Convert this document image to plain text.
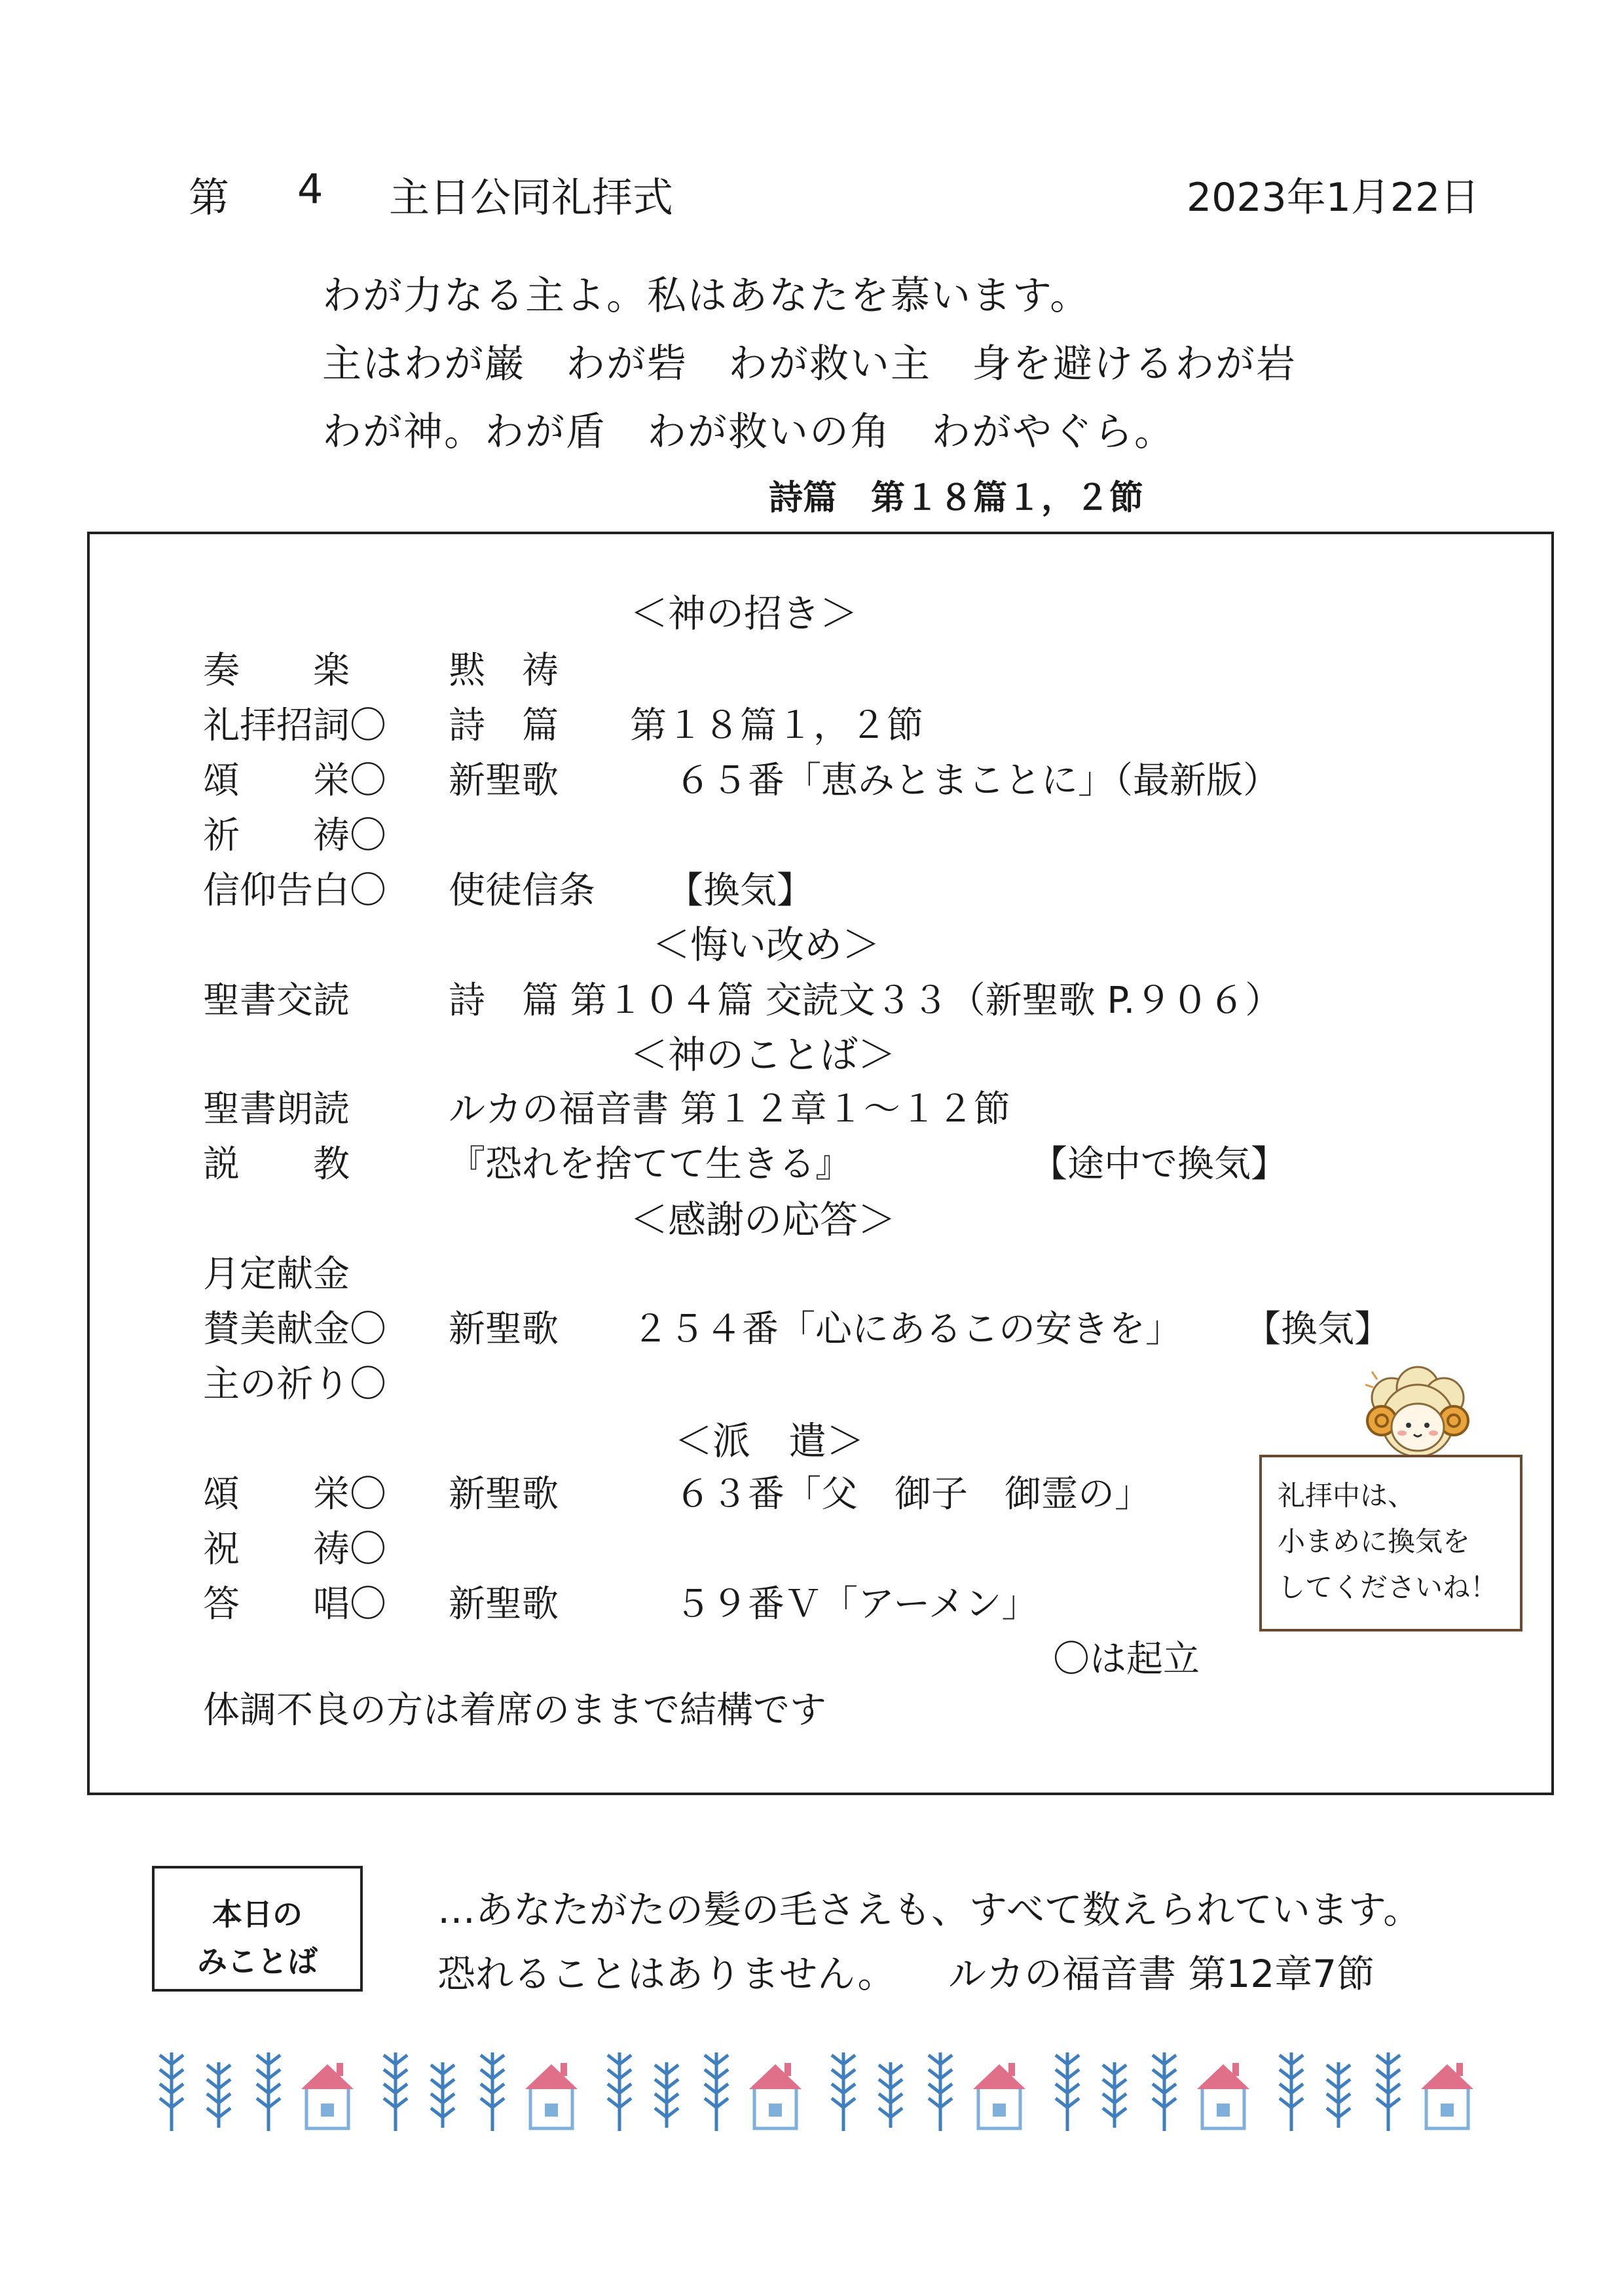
第 4 主日公同礼拝式	2023年1月22日
わが力なる主よ。私はあなたを慕います。
主はわが巌　わが砦　わが救い主　身を避けるわが岩
わが神。わが盾　わが救いの角　わがやぐら。
詩篇　第１８篇１，２節
＜神の招き＞
奏　　楽	黙　祷
礼拝招詞〇 詩　篇 第１８篇１，２節
頌　　栄〇 新聖歌	６５番「恵みとまことに」（最新版）
祈　　祷〇
信仰告白〇 使徒信条 【換気】
＜悔い改め＞
聖書交読	詩　篇 第１０４篇 交読文３３（新聖歌 P.９０６）
＜神のことば＞
聖書朗読	ルカの福音書 第１２章１～１２節
説　　教	『恐れを捨てて生きる』	【途中で換気】
＜感謝の応答＞
月定献金
賛美献金〇 新聖歌 ２５４番「心にあるこの安きを」 【換気】
主の祈り〇
＜派　遣＞
頌　　栄〇 新聖歌	６３番「父　御子　御霊の」
祝　　祷〇
答　　唱〇 新聖歌	５９番Ｖ「アーメン」
〇は起立
体調不良の方は着席のままで結構です
礼拝中は、
小まめに換気を
してくださいね！
本日の
みことば
…あなたがたの髪の毛さえも、すべて数えられています。
恐れることはありません。 ルカの福音書 第12章7節
